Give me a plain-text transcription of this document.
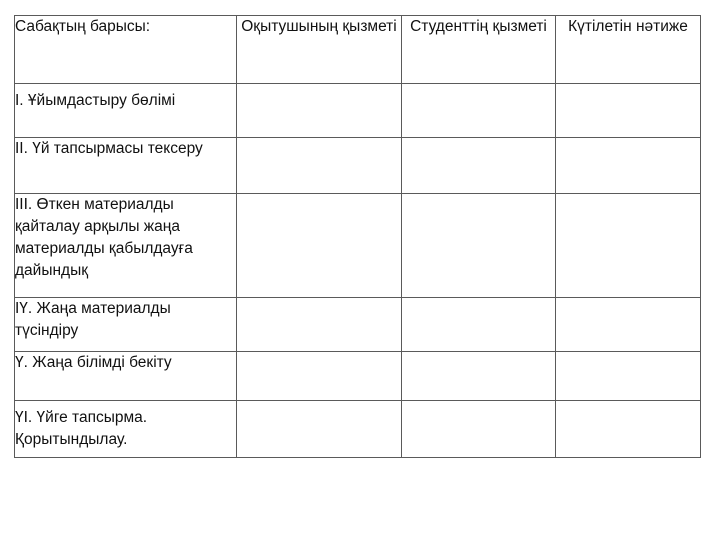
Сабақтың барысы:	Оқытушының қызметі	Студенттің қызметі	Күтілетін нәтиже
І. Ұйымдастыру бөлімі			
ІІ. Үй тапсырмасы тексеру			
ІІІ. Өткен материалды қайталау арқылы жаңа материалды қабылдауға дайындық			
ІҮ. Жаңа материалды түсіндіру			
Ү. Жаңа білімді бекіту			
ҮІ. Үйге тапсырма. Қорытындылау.			
